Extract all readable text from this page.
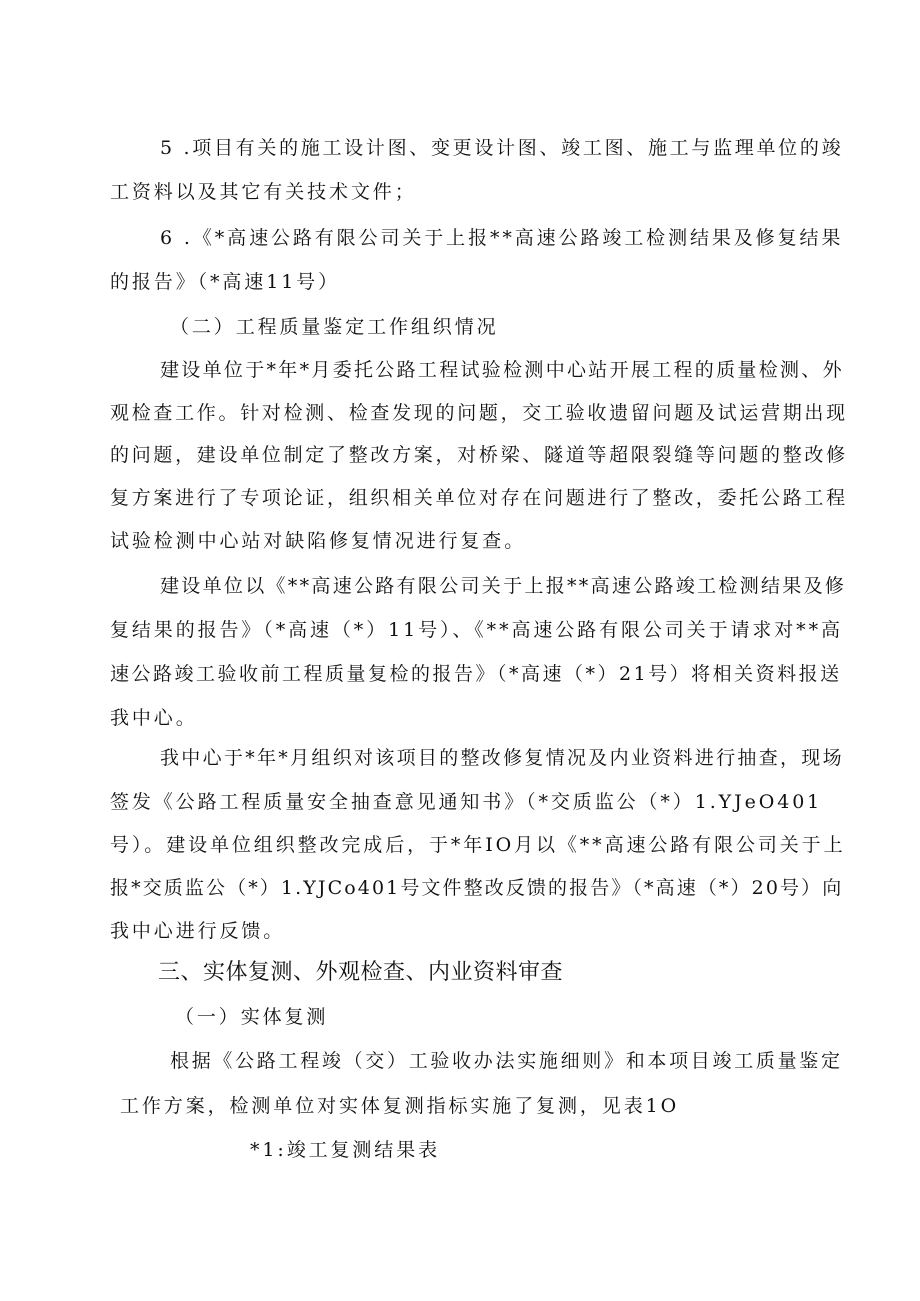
5 .项目有关的施工设计图、变更设计图、竣工图、施工与监理单位的竣
工资料以及其它有关技术文件；
6 .《*高速公路有限公司关于上报**高速公路竣工检测结果及修复结果
的报告》（*高速11号）
（二）工程质量鉴定工作组织情况
建设单位于*年*月委托公路工程试验检测中心站开展工程的质量检测、外
观检查工作。针对检测、检查发现的问题，交工验收遗留问题及试运营期出现
的问题，建设单位制定了整改方案，对桥梁、隧道等超限裂缝等问题的整改修
复方案进行了专项论证，组织相关单位对存在问题进行了整改，委托公路工程
试验检测中心站对缺陷修复情况进行复查。
建设单位以《**高速公路有限公司关于上报**高速公路竣工检测结果及修
复结果的报告》（*高速（*）11号）、《**高速公路有限公司关于请求对**高
速公路竣工验收前工程质量复检的报告》（*高速（*）21号）将相关资料报送
我中心。
我中心于*年*月组织对该项目的整改修复情况及内业资料进行抽查，现场
签发《公路工程质量安全抽查意见通知书》（*交质监公（*）1.YJeO401
号）。建设单位组织整改完成后，于*年IO月以《**高速公路有限公司关于上
报*交质监公（*）1.YJCo401号文件整改反馈的报告》（*高速（*）20号）向
我中心进行反馈。
三、实体复测、外观检查、内业资料审查
（一）实体复测
根据《公路工程竣（交）工验收办法实施细则》和本项目竣工质量鉴定
工作方案，检测单位对实体复测指标实施了复测，见表1O
*1:竣工复测结果表
